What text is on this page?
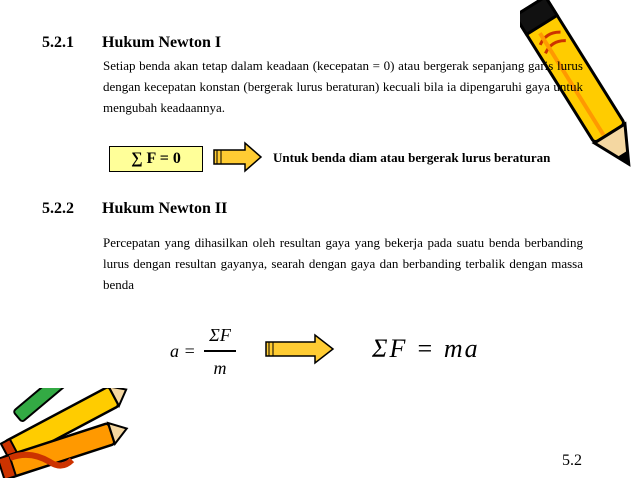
5.2.1 Hukum Newton I
Setiap benda akan tetap dalam keadaan (kecepatan = 0) atau bergerak sepanjang garis lurus dengan kecepatan konstan (bergerak lurus beraturan) kecuali bila ia dipengaruhi gaya untuk mengubah keadaannya.
∑ F = 0	Untuk benda diam atau bergerak lurus beraturan
5.2.2 Hukum Newton II
Percepatan yang dihasilkan oleh resultan gaya yang bekerja pada suatu benda berbanding lurus dengan resultan gayanya, searah dengan gaya dan berbanding terbalik dengan massa benda
a =
ΣF
m
ΣF = ma
5.2
